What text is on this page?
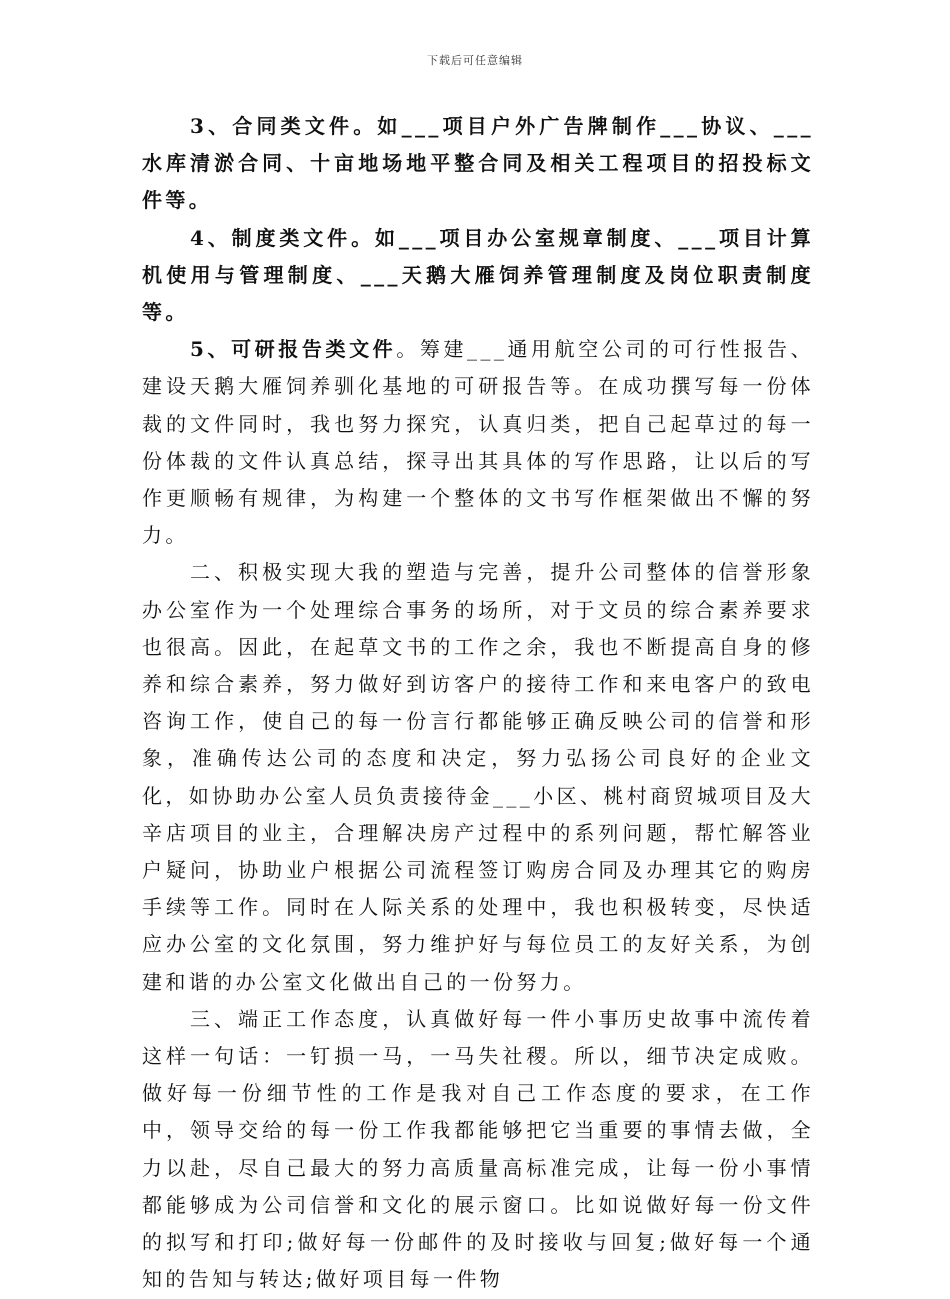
下载后可任意编辑

3、合同类文件。如___项目户外广告牌制作___协议、___水库清淤合同、十亩地场地平整合同及相关工程项目的招投标文件等。

4、制度类文件。如___项目办公室规章制度、___项目计算机使用与管理制度、___天鹅大雁饲养管理制度及岗位职责制度等。

5、可研报告类文件。筹建___通用航空公司的可行性报告、建设天鹅大雁饲养驯化基地的可研报告等。在成功撰写每一份体裁的文件同时，我也努力探究，认真归类，把自己起草过的每一份体裁的文件认真总结，探寻出其具体的写作思路，让以后的写作更顺畅有规律，为构建一个整体的文书写作框架做出不懈的努力。

二、积极实现大我的塑造与完善，提升公司整体的信誉形象办公室作为一个处理综合事务的场所，对于文员的综合素养要求也很高。因此，在起草文书的工作之余，我也不断提高自身的修养和综合素养，努力做好到访客户的接待工作和来电客户的致电咨询工作，使自己的每一份言行都能够正确反映公司的信誉和形象，准确传达公司的态度和决定，努力弘扬公司良好的企业文化，如协助办公室人员负责接待金___小区、桃村商贸城项目及大辛店项目的业主，合理解决房产过程中的系列问题，帮忙解答业户疑问，协助业户根据公司流程签订购房合同及办理其它的购房手续等工作。同时在人际关系的处理中，我也积极转变，尽快适应办公室的文化氛围，努力维护好与每位员工的友好关系，为创建和谐的办公室文化做出自己的一份努力。

三、端正工作态度，认真做好每一件小事历史故事中流传着这样一句话：一钉损一马，一马失社稷。所以，细节决定成败。做好每一份细节性的工作是我对自己工作态度的要求，在工作中，领导交给的每一份工作我都能够把它当重要的事情去做，全力以赴，尽自己最大的努力高质量高标准完成，让每一份小事情都能够成为公司信誉和文化的展示窗口。比如说做好每一份文件的拟写和打印;做好每一份邮件的及时接收与回复;做好每一个通知的告知与转达;做好项目每一件物
